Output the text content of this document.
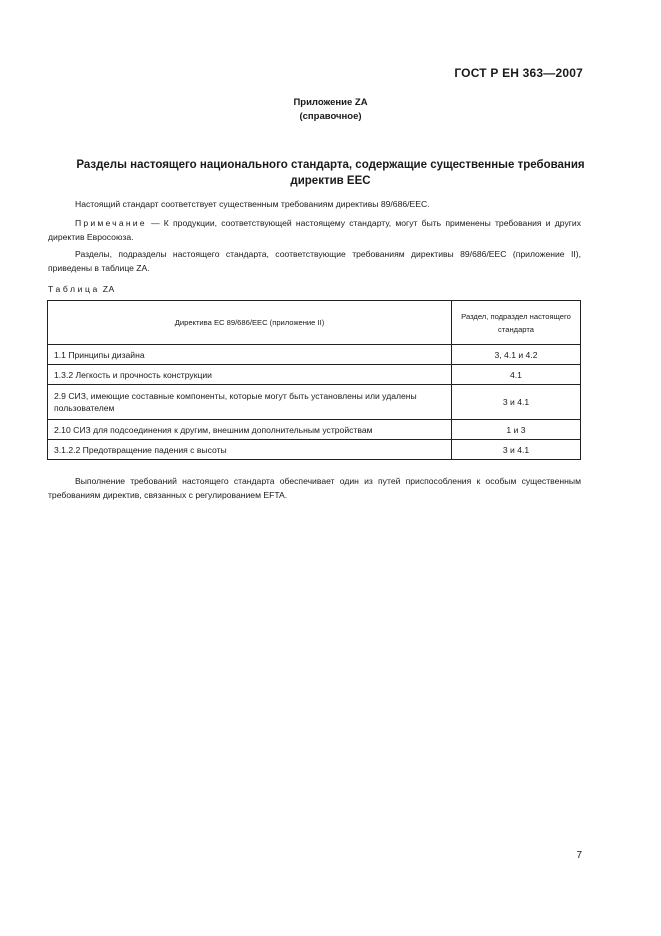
ГОСТ Р ЕН 363—2007
Приложение ZA
(справочное)
Разделы настоящего национального стандарта, содержащие существенные требования
директив ЕЕС
Настоящий стандарт соответствует существенным требованиям директивы 89/686/ЕЕС.
Примечание — К продукции, соответствующей настоящему стандарту, могут быть применены требования и других директив Евросоюза.
Разделы, подразделы настоящего стандарта, соответствующие требованиям директивы 89/686/ЕЕС (приложение II), приведены в таблице ZA.
Таблица ZA
Директива ЕС 89/686/ЕЕС (приложение II)	Раздел, подраздел настоящего стандарта
1.1 Принципы дизайна	3, 4.1 и 4.2
1.3.2 Легкость и прочность конструкции	4.1
2.9 СИЗ, имеющие составные компоненты, которые могут быть установлены или удалены пользователем	3 и 4.1
2.10 СИЗ для подсоединения к другим, внешним дополнительным устройствам	1 и 3
3.1.2.2 Предотвращение падения с высоты	3 и 4.1
Выполнение требований настоящего стандарта обеспечивает один из путей приспособления к особым существенным требованиям директив, связанных с регулированием EFTA.
7
